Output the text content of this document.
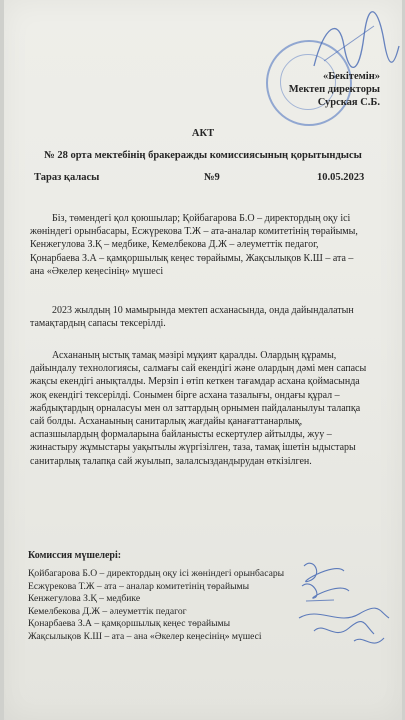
«Бекітемін»
Мектеп директоры
Сурская С.Б.
АКТ
№ 28 орта мектебінің бракеражды комиссиясының қорытындысы
Тараз қаласы	№9	10.05.2023
Біз, төмендегі қол қоюшылар; Қойбагарова Б.О – директордың оқу ісі жөніндегі орынбасары, Есжүрекова Т.Ж – ата-аналар комитетінің төрайымы, Кенжегулова З.Қ – медбике, Кемелбекова Д.Ж – әлеуметтік педагог, Қонарбаева З.А – қамқоршылық кеңес төрайымы, Жақсылықов К.Ш – ата – ана «Әкелер кеңесінің» мүшесі
2023 жылдың 10 мамырында мектеп асханасында, онда дайындалатын тамақтардың сапасы тексерілді.
Асхананың ыстық тамақ мәзірі мұқият қаралды. Олардың құрамы, дайындалу технологиясы, салмағы сай екендігі және олардың дәмі мен сапасы жақсы екендігі анықталды. Мерзіп і өтіп кеткен тағамдар асхана қоймасында жоқ екендігі тексерілді. Сонымен бірге асхана тазалығы, ондағы құрал – жабдықтардың орналасуы мен ол заттардың орнымен пайдаланылуы талапқа сай болды. Асханаының санитарлық жағдайы қанағаттанарлық, аспазшылардың формаларына байланысты ескертулер айтылды, жуу – жинастыру жұмыстары уақытылы жүргізілген, таза, тамақ ішетін ыдыстары санитарлық талапқа сай жуылып, залалсыздандырудан өткізілген.
Комиссия мүшелері:
Қойбагарова Б.О – директордың оқу ісі жөніндегі орынбасары
Есжүрекова Т.Ж – ата – аналар комитетінің төрайымы
Кенжегулова З.Қ – медбике
Кемелбекова Д.Ж – әлеуметтік педагог
Қонарбаева З.А – қамқоршылық кеңес төрайымы
Жақсылықов К.Ш – ата – ана «Әкелер кеңесінің» мүшесі
